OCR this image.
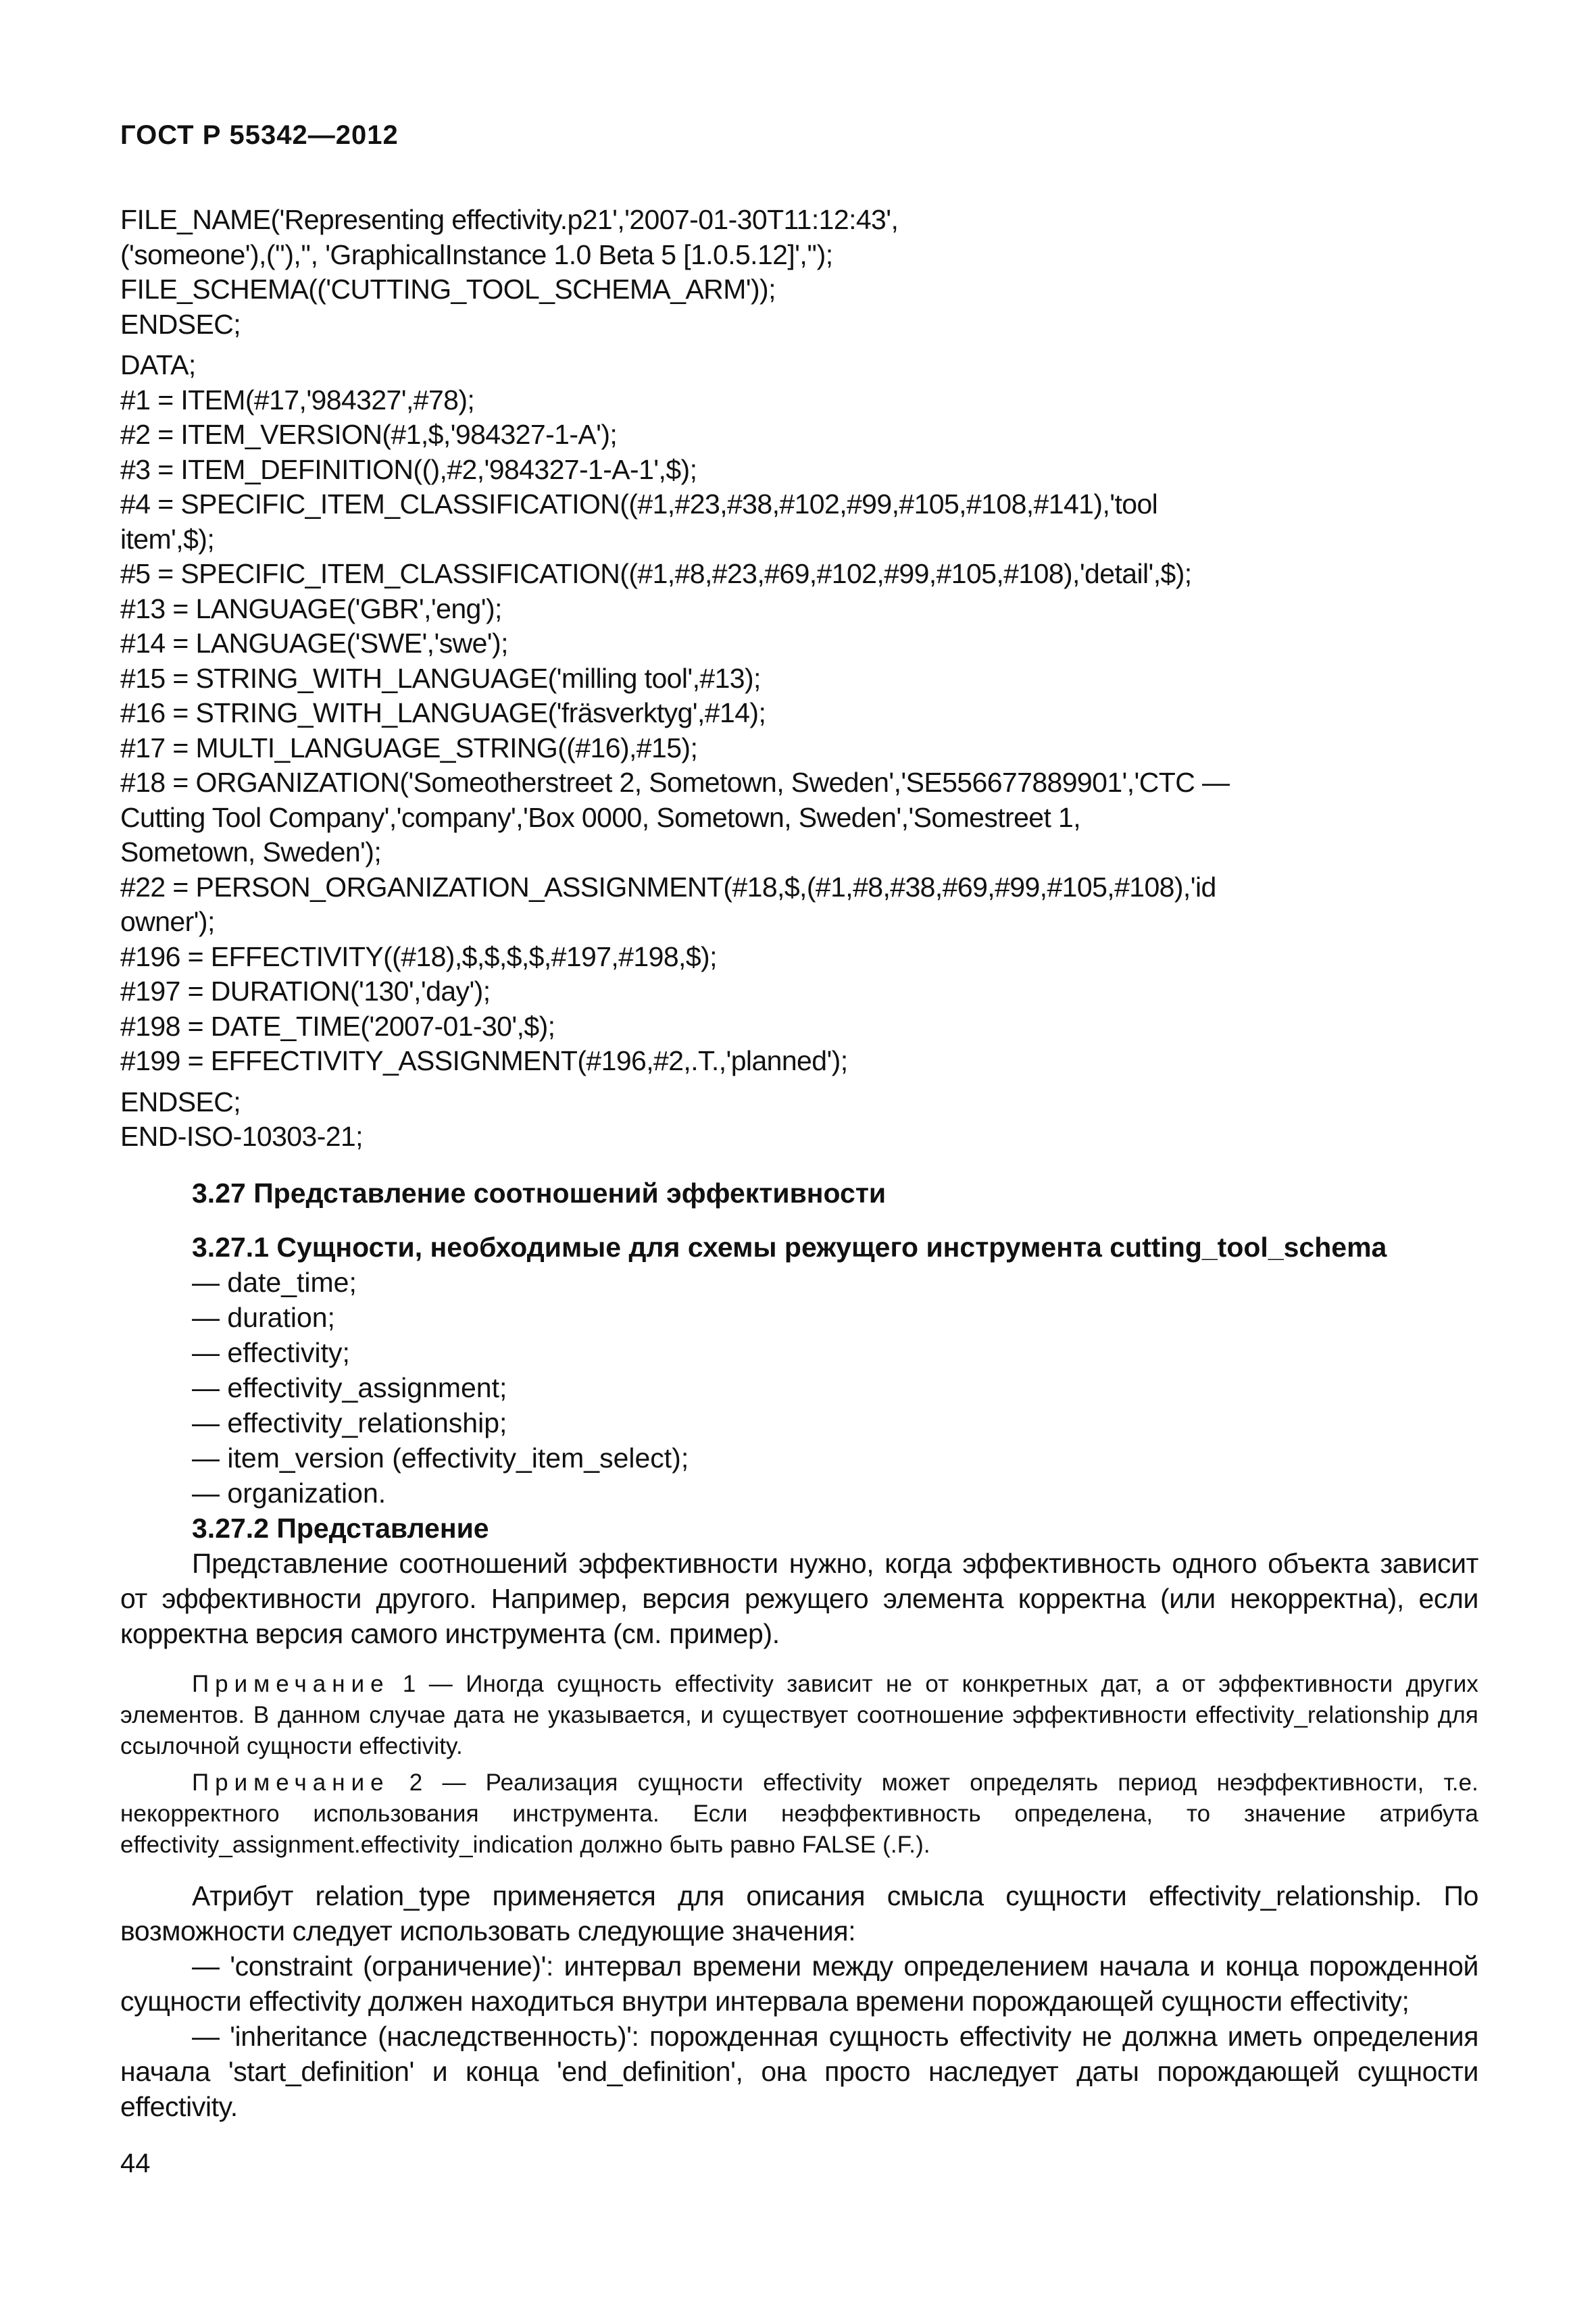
ГОСТ Р 55342—2012
FILE_NAME('Representing effectivity.p21','2007-01-30T11:12:43',
('someone'),(''),'', 'GraphicalInstance 1.0 Beta 5 [1.0.5.12]','');
FILE_SCHEMA(('CUTTING_TOOL_SCHEMA_ARM'));
ENDSEC;
DATA;
#1 = ITEM(#17,'984327',#78);
#2 = ITEM_VERSION(#1,$,'984327-1-A');
#3 = ITEM_DEFINITION((),#2,'984327-1-A-1',$);
#4 = SPECIFIC_ITEM_CLASSIFICATION((#1,#23,#38,#102,#99,#105,#108,#141),'tool
item',$);
#5 = SPECIFIC_ITEM_CLASSIFICATION((#1,#8,#23,#69,#102,#99,#105,#108),'detail',$);
#13 = LANGUAGE('GBR','eng');
#14 = LANGUAGE('SWE','swe');
#15 = STRING_WITH_LANGUAGE('milling tool',#13);
#16 = STRING_WITH_LANGUAGE('fräsverktyg',#14);
#17 = MULTI_LANGUAGE_STRING((#16),#15);
#18 = ORGANIZATION('Someotherstreet 2, Sometown, Sweden','SE556677889901','CTC —
Cutting Tool Company','company','Box 0000, Sometown, Sweden','Somestreet 1,
Sometown, Sweden');
#22 = PERSON_ORGANIZATION_ASSIGNMENT(#18,$,(#1,#8,#38,#69,#99,#105,#108),'id
owner');
#196 = EFFECTIVITY((#18),$,$,$,$,#197,#198,$);
#197 = DURATION('130','day');
#198 = DATE_TIME('2007-01-30',$);
#199 = EFFECTIVITY_ASSIGNMENT(#196,#2,.T.,'planned');
ENDSEC;
END-ISO-10303-21;
3.27 Представление соотношений эффективности
3.27.1 Сущности, необходимые для схемы режущего инструмента cutting_tool_schema
— date_time;
— duration;
— effectivity;
— effectivity_assignment;
— effectivity_relationship;
— item_version (effectivity_item_select);
— organization.
3.27.2 Представление

Представление соотношений эффективности нужно, когда эффективность одного объекта зависит от эффективности другого. Например, версия режущего элемента корректна (или некорректна), если корректна версия самого инструмента (см. пример).

Примечание 1 — Иногда сущность effectivity зависит не от конкретных дат, а от эффективности других элементов. В данном случае дата не указывается, и существует соотношение эффективности effectivity_relationship для ссылочной сущности effectivity.

Примечание 2 — Реализация сущности effectivity может определять период неэффективности, т.е. некорректного использования инструмента. Если неэффективность определена, то значение атрибута effectivity_assignment.effectivity_indication должно быть равно FALSE (.F.).

Атрибут relation_type применяется для описания смысла сущности effectivity_relationship. По возможности следует использовать следующие значения:

— 'constraint (ограничение)': интервал времени между определением начала и конца порожденной сущности effectivity должен находиться внутри интервала времени порождающей сущности effectivity;

— 'inheritance (наследственность)': порожденная сущность effectivity не должна иметь определения начала 'start_definition' и конца 'end_definition', она просто наследует даты порождающей сущности effectivity.

44
